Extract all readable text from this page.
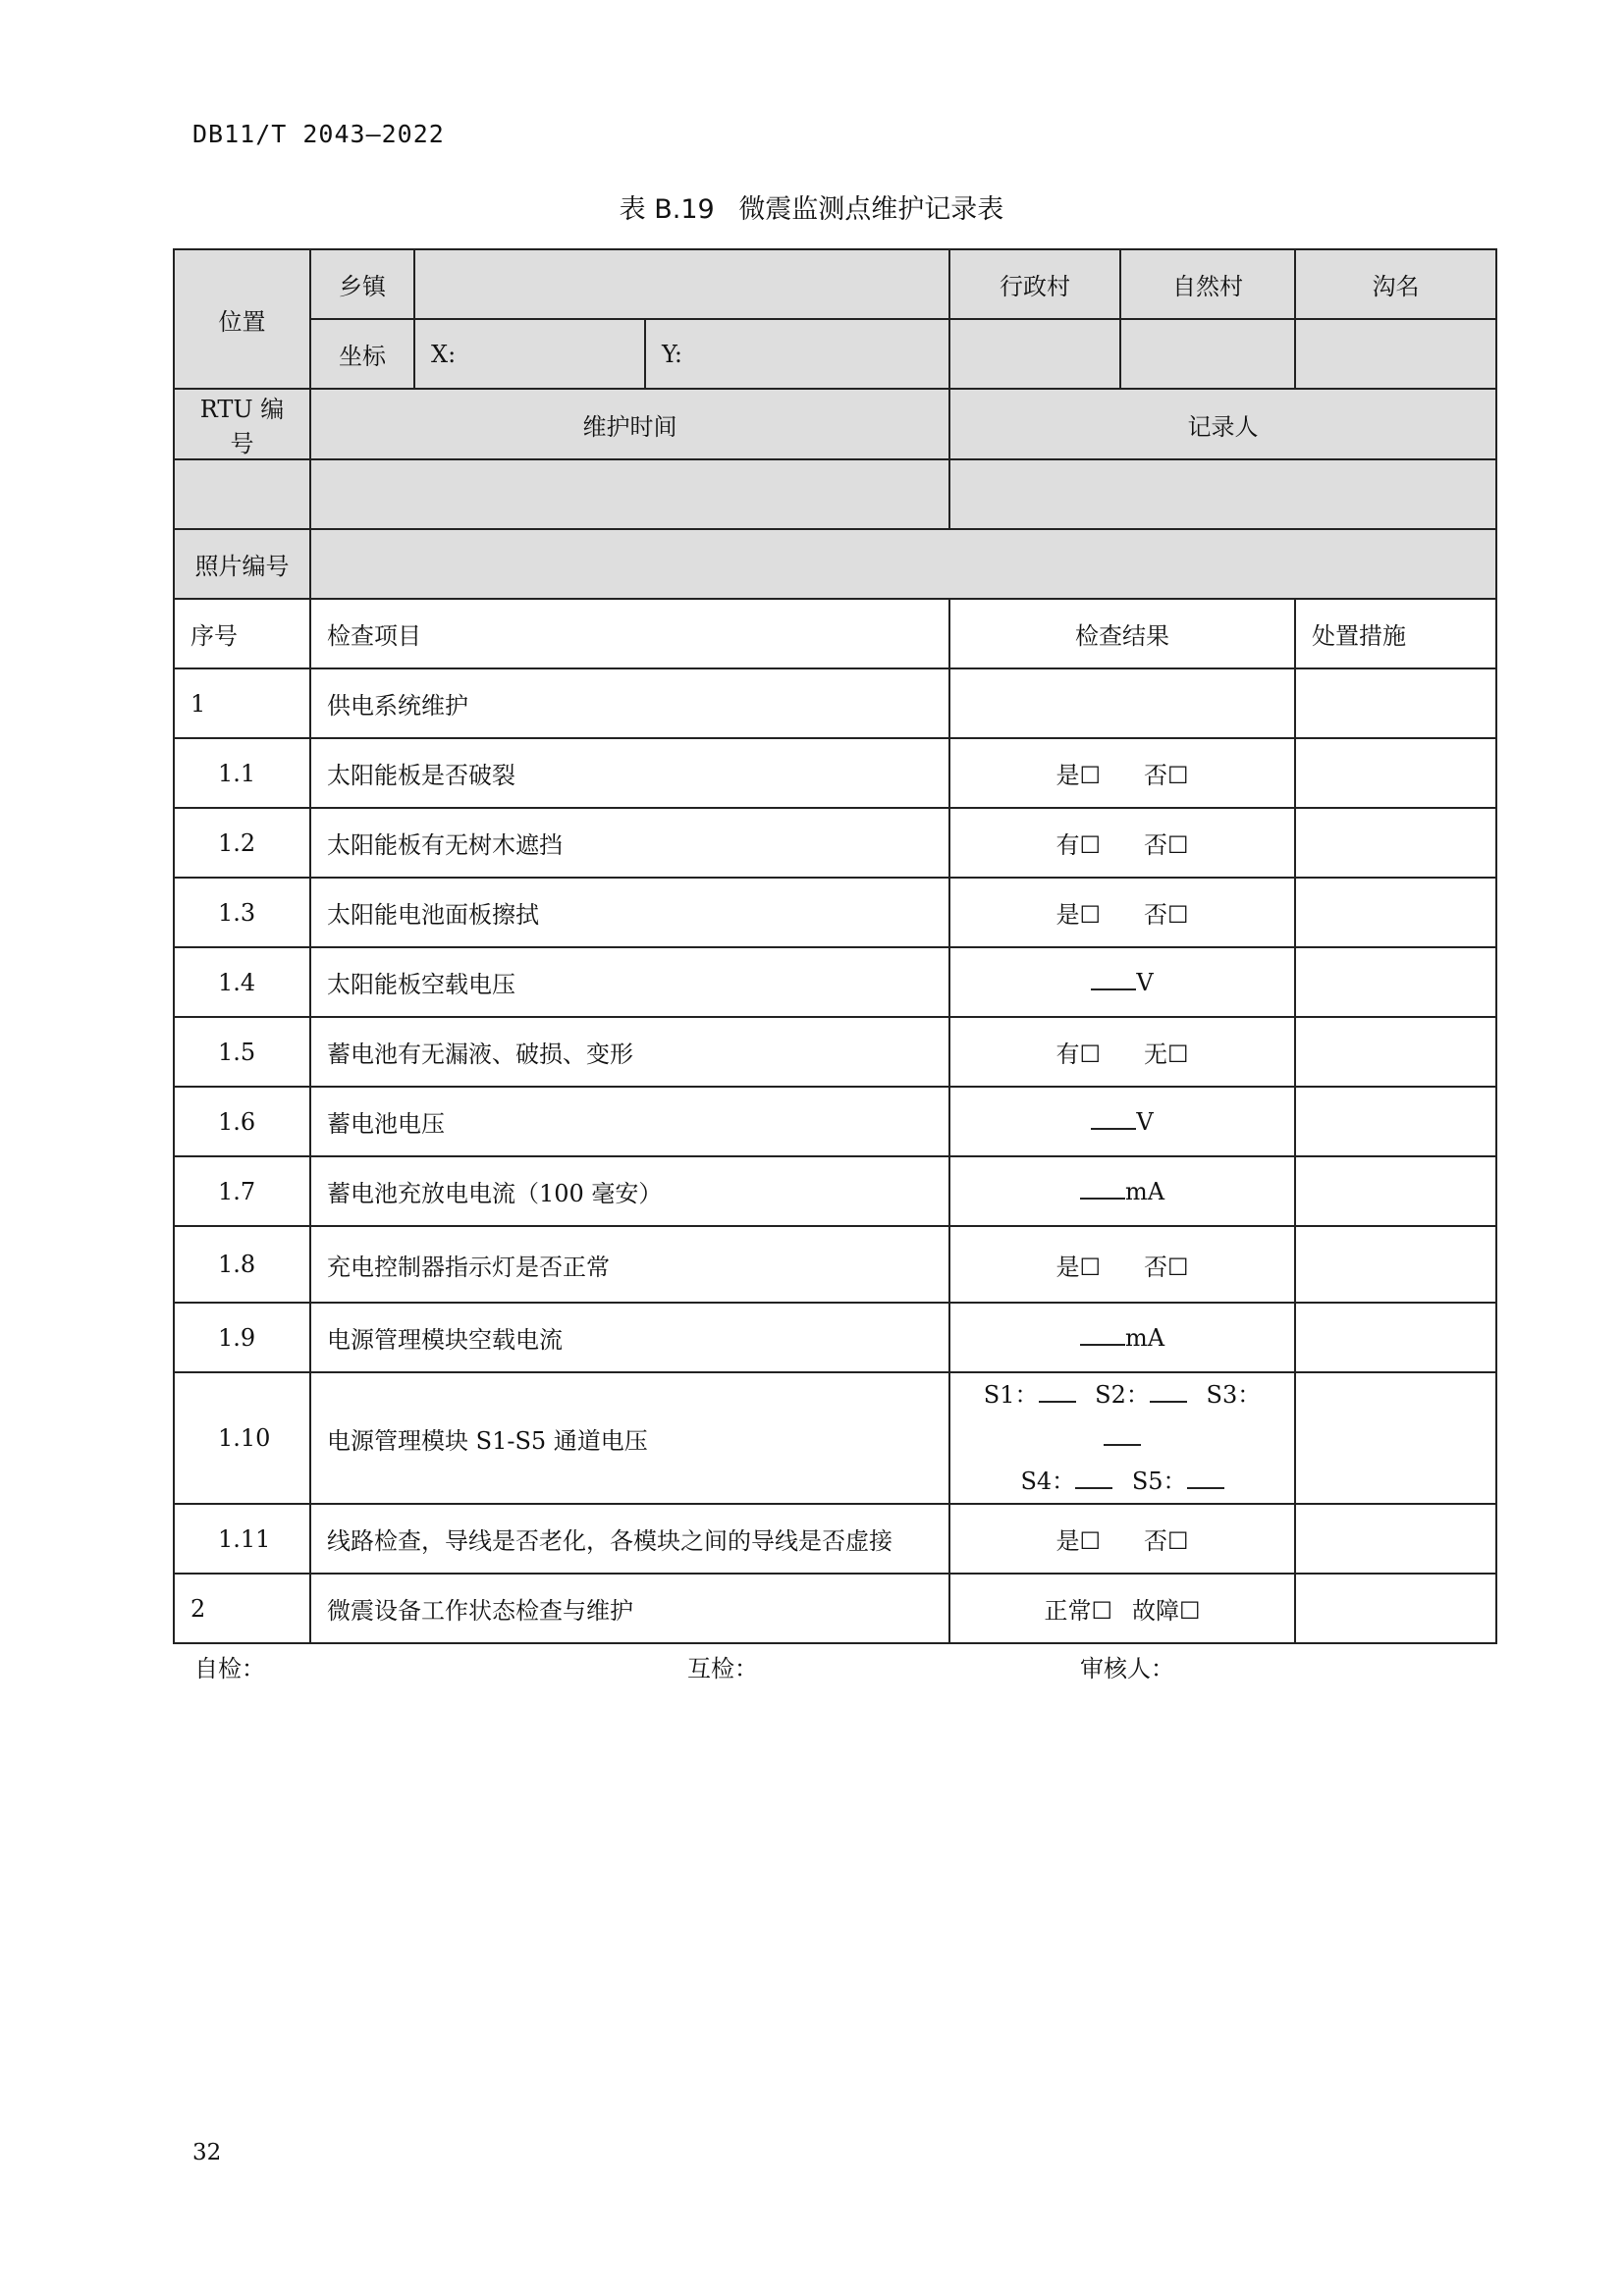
DB11/T 2043—2022
表 B.19 微震监测点维护记录表
位置	乡镇			行政村	自然村	沟名
	坐标	X:	Y:			
RTU 编号	维护时间			记录人		

照片编号						
序号	检查项目			检查结果		处置措施
1	供电系统维护					
1.1	太阳能板是否破裂			是☐ 否☐		
1.2	太阳能板有无树木遮挡			有☐ 否☐		
1.3	太阳能电池面板擦拭			是☐ 否☐		
1.4	太阳能板空载电压			V		
1.5	蓄电池有无漏液、破损、变形			有☐ 无☐		
1.6	蓄电池电压			V		
1.7	蓄电池充放电电流（100 毫安）			mA		
1.8	充电控制器指示灯是否正常			是☐ 否☐		
1.9	电源管理模块空载电流			mA		
1.10	电源管理模块 S1-S5 通道电压			S1： S2： S3：
S4： S5：		

1.11	线路检查，导线是否老化，各模块之间的导线是否虚接			是☐ 否☐		
2	微震设备工作状态检查与维护			正常☐ 故障☐		
自检：	互检：	审核人：
32
